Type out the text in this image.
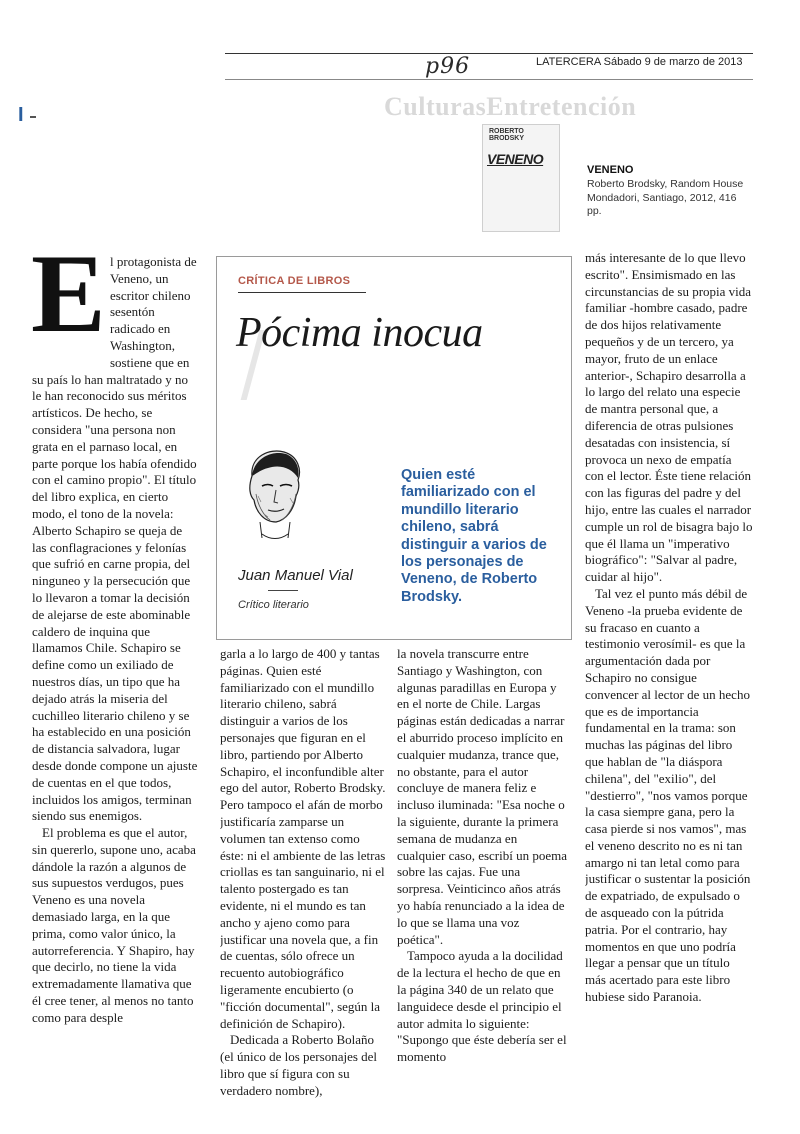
CulturasEntretención
p96	LATERCERA Sábado 9 de marzo de 2013
I
ROBERTO BRODSKY
VENENO
VENENO
Roberto Brodsky, Random House Mondadori, Santiago, 2012, 416 pp.
CRÍTICA DE LIBROS
Pócima inocua
Juan Manuel Vial
Crítico literario
Quien esté familiarizado con el mundillo literario chileno, sabrá distinguir a varios de los personajes de Veneno, de Roberto Brodsky.
E l protagonista de Veneno, un escritor chileno sesentón radicado en Washington, sostiene que en su país lo han maltratado y no le han reconocido sus méritos artísticos. De hecho, se considera "una persona non grata en el parnaso local, en parte porque los había ofendido con el camino propio". El título del libro explica, en cierto modo, el tono de la novela: Alberto Schapiro se queja de las conflagraciones y felonías que sufrió en carne propia, del ninguneo y la persecución que lo llevaron a tomar la decisión de alejarse de este abominable caldero de inquina que llamamos Chile. Schapiro se define como un exiliado de nuestros días, un tipo que ha dejado atrás la miseria del cuchilleo literario chileno y se ha establecido en una posición de distancia salvadora, lugar desde donde compone un ajuste de cuentas en el que todos, incluidos los amigos, terminan siendo sus enemigos.

El problema es que el autor, sin quererlo, supone uno, acaba dándole la razón a algunos de sus supuestos verdugos, pues Veneno es una novela demasiado larga, en la que prima, como valor único, la autorreferencia. Y Shapiro, hay que decirlo, no tiene la vida extremadamente llamativa que él cree tener, al menos no tanto como para desple

garla a lo largo de 400 y tantas páginas. Quien esté familiarizado con el mundillo literario chileno, sabrá distinguir a varios de los personajes que figuran en el libro, partiendo por Alberto Schapiro, el inconfundible alter ego del autor, Roberto Brodsky. Pero tampoco el afán de morbo justificaría zamparse un volumen tan extenso como éste: ni el ambiente de las letras criollas es tan sanguinario, ni el talento postergado es tan evidente, ni el mundo es tan ancho y ajeno como para justificar una novela que, a fin de cuentas, sólo ofrece un recuento autobiográfico ligeramente encubierto (o "ficción documental", según la definición de Schapiro).

Dedicada a Roberto Bolaño (el único de los personajes del libro que sí figura con su verdadero nombre),

la novela transcurre entre Santiago y Washington, con algunas paradillas en Europa y en el norte de Chile. Largas páginas están dedicadas a narrar el aburrido proceso implícito en cualquier mudanza, trance que, no obstante, para el autor concluye de manera feliz e incluso iluminada: "Esa noche o la siguiente, durante la primera semana de mudanza en cualquier caso, escribí un poema sobre las cajas. Fue una sorpresa. Veinticinco años atrás yo había renunciado a la idea de lo que se llama una voz poética".

Tampoco ayuda a la docilidad de la lectura el hecho de que en la página 340 de un relato que languidece desde el principio el autor admita lo siguiente: "Supongo que éste debería ser el momento

más interesante de lo que llevo escrito". Ensimismado en las circunstancias de su propia vida familiar -hombre casado, padre de dos hijos relativamente pequeños y de un tercero, ya mayor, fruto de un enlace anterior-, Schapiro desarrolla a lo largo del relato una especie de mantra personal que, a diferencia de otras pulsiones desatadas con insistencia, sí provoca un nexo de empatía con el lector. Éste tiene relación con las figuras del padre y del hijo, entre las cuales el narrador cumple un rol de bisagra bajo lo que él llama un "imperativo biográfico": "Salvar al padre, cuidar al hijo".

Tal vez el punto más débil de Veneno -la prueba evidente de su fracaso en cuanto a testimonio verosímil- es que la argumentación dada por Schapiro no consigue convencer al lector de un hecho que es de importancia fundamental en la trama: son muchas las páginas del libro que hablan de "la diáspora chilena", del "exilio", del "destierro", "nos vamos porque la casa siempre gana, pero la casa pierde si nos vamos", mas el veneno descrito no es ni tan amargo ni tan letal como para justificar o sustentar la posición de expatriado, de expulsado o de asqueado con la pútrida patria. Por el contrario, hay momentos en que uno podría llegar a pensar que un título más acertado para este libro hubiese sido Paranoia.
